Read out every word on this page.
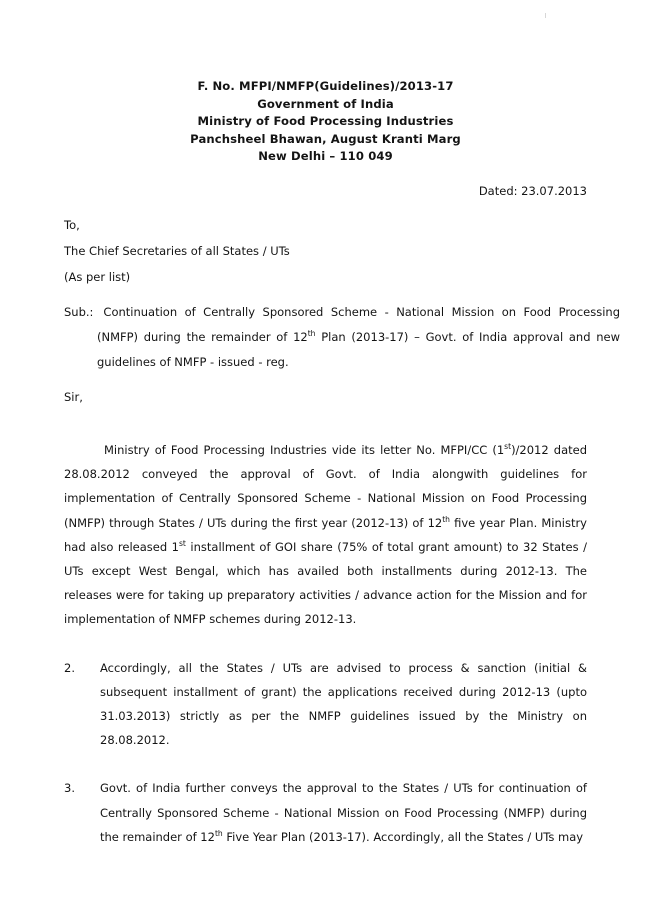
F. No. MFPI/NMFP(Guidelines)/2013-17
Government of India
Ministry of Food Processing Industries
Panchsheel Bhawan, August Kranti Marg
New Delhi – 110 049
Dated: 23.07.2013
To,
The Chief Secretaries of all States / UTs
(As per list)
Sub.: Continuation of Centrally Sponsored Scheme - National Mission on Food Processing (NMFP) during the remainder of 12th Plan (2013-17) – Govt. of India approval and new guidelines of NMFP - issued - reg.
Sir,

Ministry of Food Processing Industries vide its letter No. MFPI/CC (1st)/2012 dated 28.08.2012 conveyed the approval of Govt. of India alongwith guidelines for implementation of Centrally Sponsored Scheme - National Mission on Food Processing (NMFP) through States / UTs during the first year (2012-13) of 12th five year Plan. Ministry had also released 1st installment of GOI share (75% of total grant amount) to 32 States / UTs except West Bengal, which has availed both installments during 2012-13. The releases were for taking up preparatory activities / advance action for the Mission and for implementation of NMFP schemes during 2012-13.

2. Accordingly, all the States / UTs are advised to process & sanction (initial & subsequent installment of grant) the applications received during 2012-13 (upto 31.03.2013) strictly as per the NMFP guidelines issued by the Ministry on 28.08.2012.

3. Govt. of India further conveys the approval to the States / UTs for continuation of Centrally Sponsored Scheme - National Mission on Food Processing (NMFP) during the remainder of 12th Five Year Plan (2013-17). Accordingly, all the States / UTs may
